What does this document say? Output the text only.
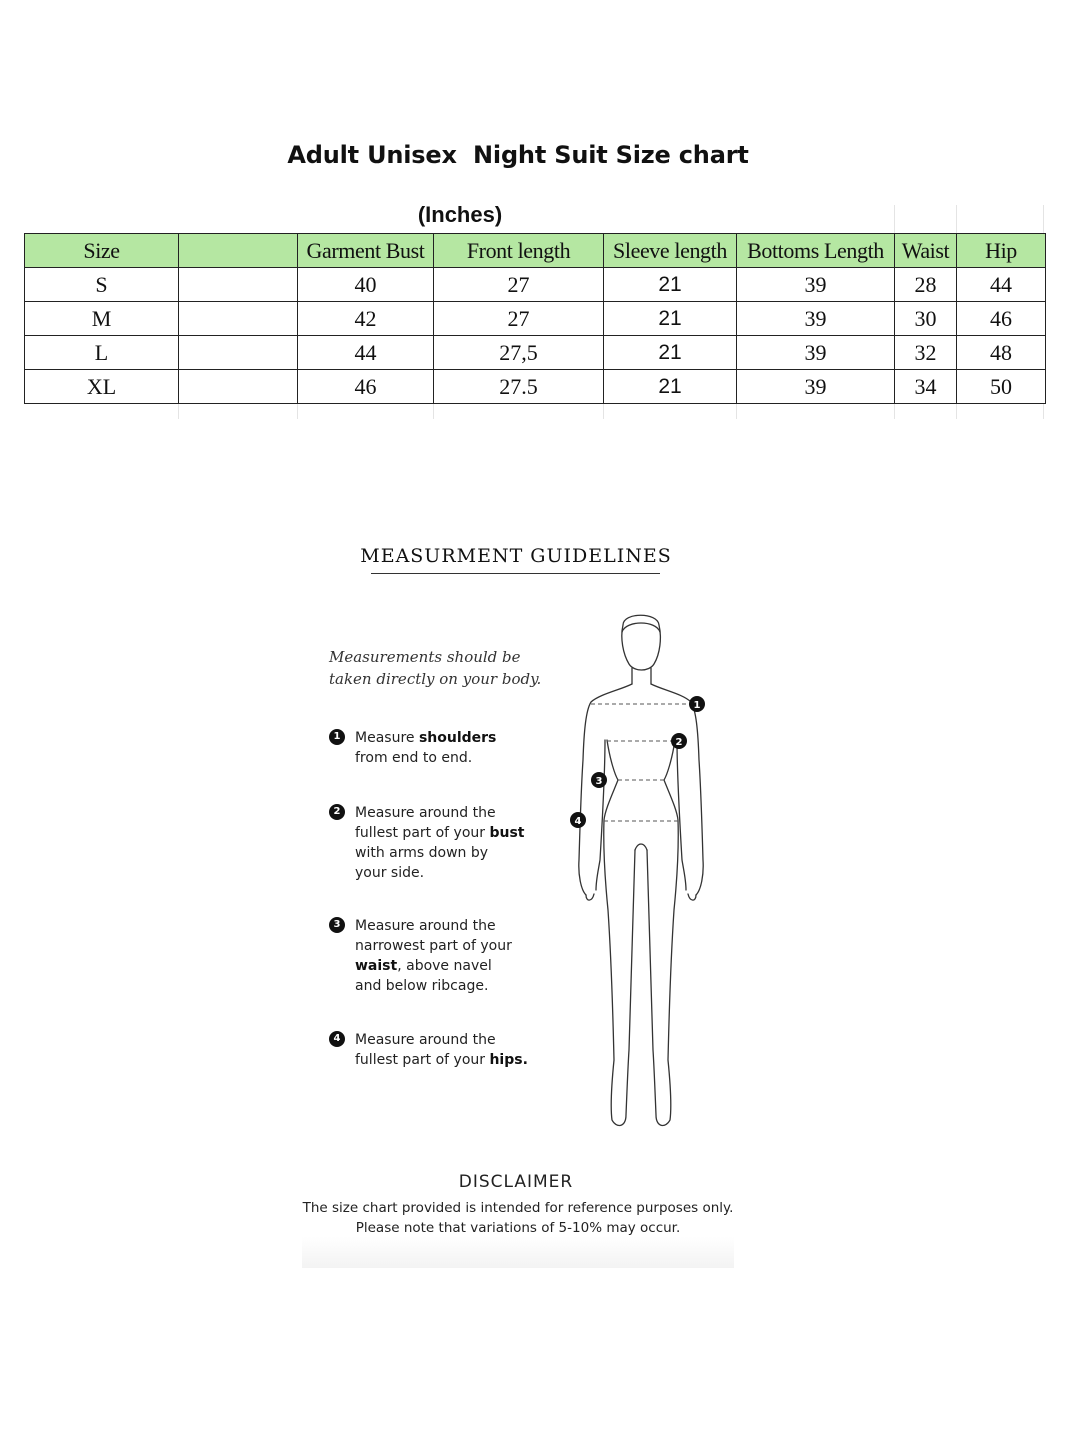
Adult Unisex  Night Suit Size chart
(Inches)
Size		Garment Bust	Front length	Sleeve length	Bottoms Length	Waist	Hip
S		40	27	21	39	28	44
M		42	27	21	39	30	46
L		44	27,5	21	39	32	48
XL		46	27.5	21	39	34	50
MEASURMENT GUIDELINES
Measurements should be
taken directly on your body.
1	Measure shoulders
from end to end.
2	Measure around the
fullest part of your bust
with arms down by
your side.
3	Measure around the
narrowest part of your
waist, above navel
and below ribcage.
4	Measure around the
fullest part of your hips.
1
2
3
4
DISCLAIMER
The size chart provided is intended for reference purposes only.
Please note that variations of 5-10% may occur.
